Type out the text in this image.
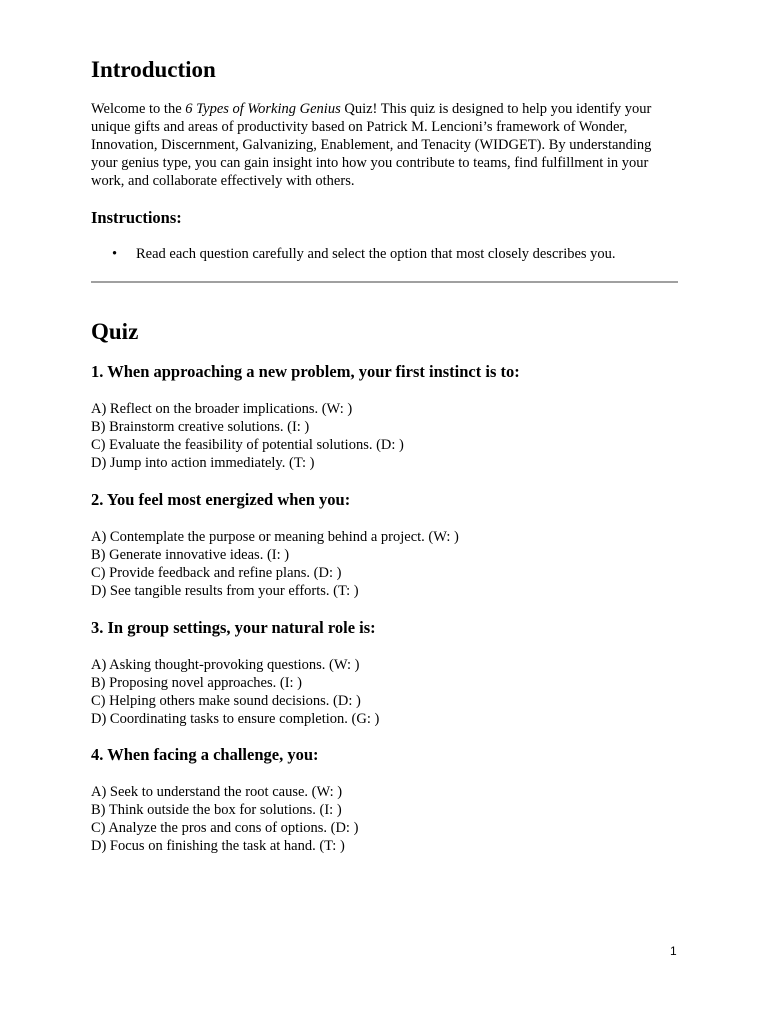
Introduction

Welcome to the 6 Types of Working Genius Quiz! This quiz is designed to help you identify your unique gifts and areas of productivity based on Patrick M. Lencioni’s framework of Wonder, Innovation, Discernment, Galvanizing, Enablement, and Tenacity (WIDGET). By understanding your genius type, you can gain insight into how you contribute to teams, find fulfillment in your work, and collaborate effectively with others.

Instructions:
• Read each question carefully and select the option that most closely describes you.
Quiz
1. When approaching a new problem, your first instinct is to:
A) Reflect on the broader implications. (W: )
B) Brainstorm creative solutions. (I: )
C) Evaluate the feasibility of potential solutions. (D: )
D) Jump into action immediately. (T: )
2. You feel most energized when you:
A) Contemplate the purpose or meaning behind a project. (W: )
B) Generate innovative ideas. (I: )
C) Provide feedback and refine plans. (D: )
D) See tangible results from your efforts. (T: )
3. In group settings, your natural role is:
A) Asking thought-provoking questions. (W: )
B) Proposing novel approaches. (I: )
C) Helping others make sound decisions. (D: )
D) Coordinating tasks to ensure completion. (G: )
4. When facing a challenge, you:
A) Seek to understand the root cause. (W: )
B) Think outside the box for solutions. (I: )
C) Analyze the pros and cons of options. (D: )
D) Focus on finishing the task at hand. (T: )
1
